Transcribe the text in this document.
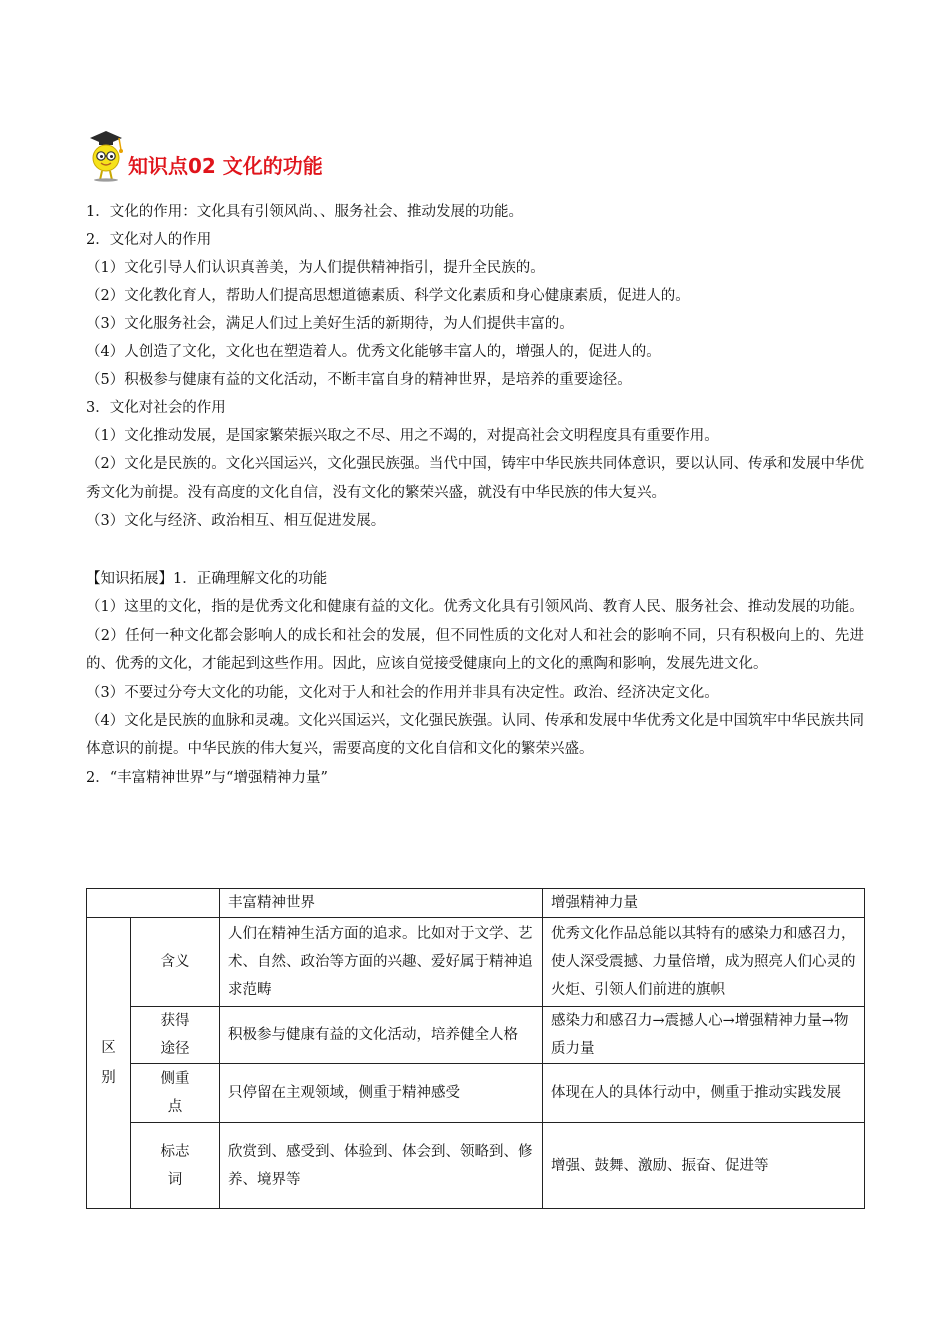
知识点02 文化的功能

1．文化的作用：文化具有引领风尚、、服务社会、推动发展的功能。

2．文化对人的作用

（1）文化引导人们认识真善美，为人们提供精神指引，提升全民族的。

（2）文化教化育人，帮助人们提高思想道德素质、科学文化素质和身心健康素质，促进人的。

（3）文化服务社会，满足人们过上美好生活的新期待，为人们提供丰富的。

（4）人创造了文化，文化也在塑造着人。优秀文化能够丰富人的，增强人的，促进人的。

（5）积极参与健康有益的文化活动，不断丰富自身的精神世界，是培养的重要途径。

3．文化对社会的作用

（1）文化推动发展，是国家繁荣振兴取之不尽、用之不竭的，对提高社会文明程度具有重要作用。

（2）文化是民族的。文化兴国运兴，文化强民族强。当代中国，铸牢中华民族共同体意识，要以认同、传承和发展中华优秀文化为前提。没有高度的文化自信，没有文化的繁荣兴盛，就没有中华民族的伟大复兴。

（3）文化与经济、政治相互、相互促进发展。

【知识拓展】1．正确理解文化的功能

（1）这里的文化，指的是优秀文化和健康有益的文化。优秀文化具有引领风尚、教育人民、服务社会、推动发展的功能。

（2）任何一种文化都会影响人的成长和社会的发展，但不同性质的文化对人和社会的影响不同，只有积极向上的、先进的、优秀的文化，才能起到这些作用。因此，应该自觉接受健康向上的文化的熏陶和影响，发展先进文化。

（3）不要过分夸大文化的功能，文化对于人和社会的作用并非具有决定性。政治、经济决定文化。

（4）文化是民族的血脉和灵魂。文化兴国运兴，文化强民族强。认同、传承和发展中华优秀文化是中国筑牢中华民族共同体意识的前提。中华民族的伟大复兴，需要高度的文化自信和文化的繁荣兴盛。

2．“丰富精神世界”与“增强精神力量”

		丰富精神世界	增强精神力量
区别	含义	人们在精神生活方面的追求。比如对于文学、艺术、自然、政治等方面的兴趣、爱好属于精神追求范畴	优秀文化作品总能以其特有的感染力和感召力，使人深受震撼、力量倍增，成为照亮人们心灵的火炬、引领人们前进的旗帜
	获得途径	积极参与健康有益的文化活动，培养健全人格	感染力和感召力→震撼人心→增强精神力量→物质力量
	侧重点	只停留在主观领域，侧重于精神感受	体现在人的具体行动中，侧重于推动实践发展
	标志词	欣赏到、感受到、体验到、体会到、领略到、修养、境界等	增强、鼓舞、激励、振奋、促进等
